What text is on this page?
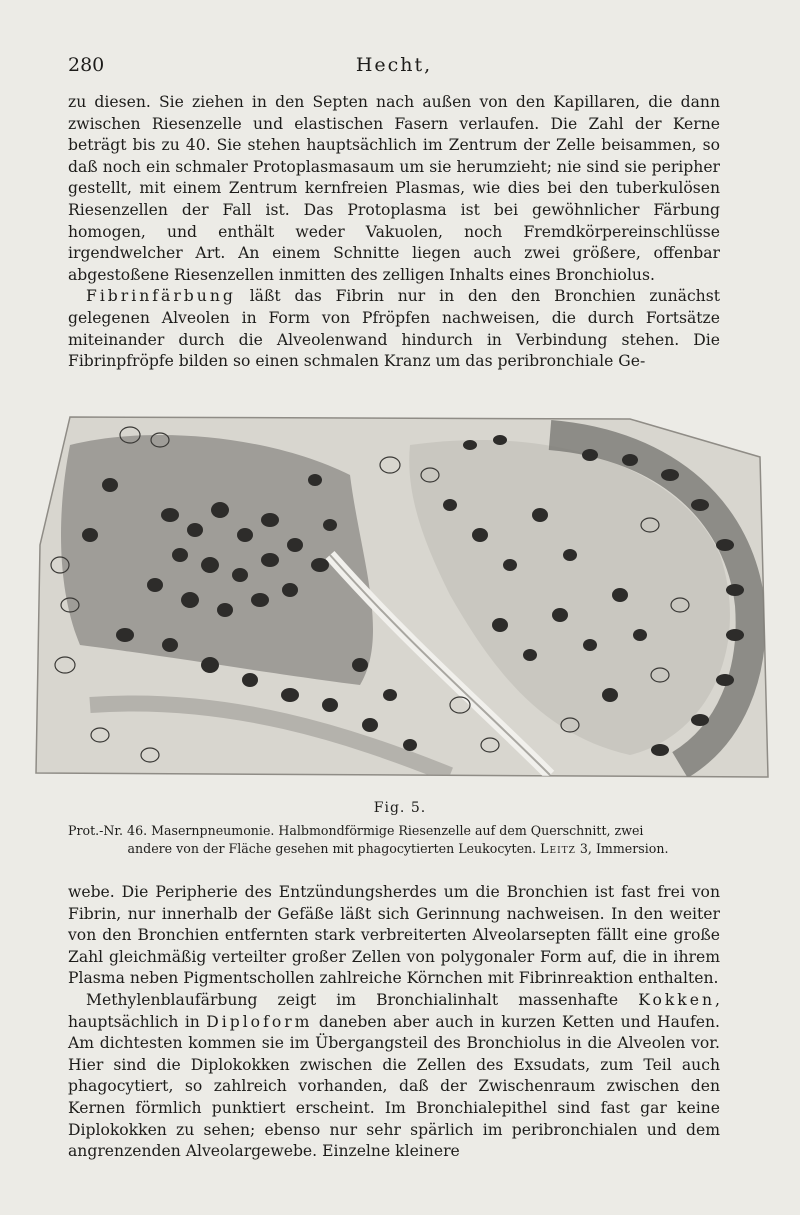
280	Hecht,

zu diesen. Sie ziehen in den Septen nach außen von den Kapillaren, die dann zwischen Riesenzelle und elastischen Fasern verlaufen. Die Zahl der Kerne beträgt bis zu 40. Sie stehen hauptsächlich im Zentrum der Zelle beisammen, so daß noch ein schmaler Protoplasmasaum um sie herumzieht; nie sind sie peripher gestellt, mit einem Zentrum kernfreien Plasmas, wie dies bei den tuberkulösen Riesenzellen der Fall ist. Das Protoplasma ist bei gewöhnlicher Färbung homogen, und enthält weder Vakuolen, noch Fremdkörpereinschlüsse irgendwelcher Art. An einem Schnitte liegen auch zwei größere, offenbar abgestoßene Riesenzellen inmitten des zelligen Inhalts eines Bronchiolus.

Fibrinfärbung läßt das Fibrin nur in den den Bronchien zunächst gelegenen Alveolen in Form von Pfröpfen nachweisen, die durch Fortsätze miteinander durch die Alveolenwand hindurch in Verbindung stehen. Die Fibrinpfröpfe bilden so einen schmalen Kranz um das peribronchiale Ge-

Fig. 5.
Prot.-Nr. 46. Masernpneumonie. Halbmondförmige Riesenzelle auf dem Querschnitt, zwei
andere von der Fläche gesehen mit phagocytierten Leukocyten. Leitz 3, Immersion.

webe. Die Peripherie des Entzündungsherdes um die Bronchien ist fast frei von Fibrin, nur innerhalb der Gefäße läßt sich Gerinnung nachweisen. In den weiter von den Bronchien entfernten stark verbreiterten Alveolarsepten fällt eine große Zahl gleichmäßig verteilter großer Zellen von polygonaler Form auf, die in ihrem Plasma neben Pigmentschollen zahlreiche Körnchen mit Fibrinreaktion enthalten.

Methylenblaufärbung zeigt im Bronchialinhalt massenhafte Kokken, hauptsächlich in Diploform daneben aber auch in kurzen Ketten und Haufen. Am dichtesten kommen sie im Übergangsteil des Bronchiolus in die Alveolen vor. Hier sind die Diplokokken zwischen die Zellen des Exsudats, zum Teil auch phagocytiert, so zahlreich vorhanden, daß der Zwischenraum zwischen den Kernen förmlich punktiert erscheint. Im Bronchialepithel sind fast gar keine Diplokokken zu sehen; ebenso nur sehr spärlich im peribronchialen und dem angrenzenden Alveolargewebe. Einzelne kleinere
